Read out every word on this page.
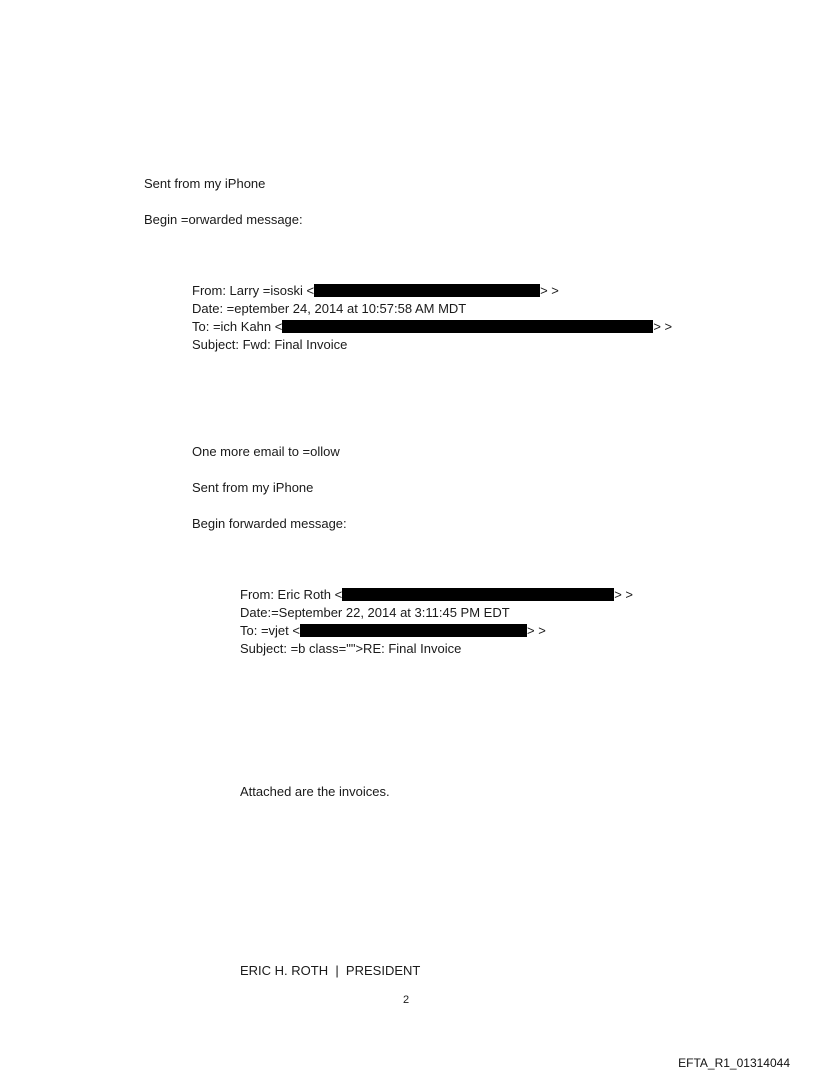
Sent from my iPhone
Begin =orwarded message:
From: Larry =isoski <	> >
Date: =eptember 24, 2014 at 10:57:58 AM MDT
To: =ich Kahn <	> >
Subject: Fwd: Final Invoice
One more email to =ollow
Sent from my iPhone
Begin forwarded message:
From: Eric Roth <	> >
Date:=September 22, 2014 at 3:11:45 PM EDT
To: =vjet <	> >
Subject: =b class="">RE: Final Invoice
Attached are the invoices.
ERIC H. ROTH  |  PRESIDENT
2
EFTA_R1_01314044
